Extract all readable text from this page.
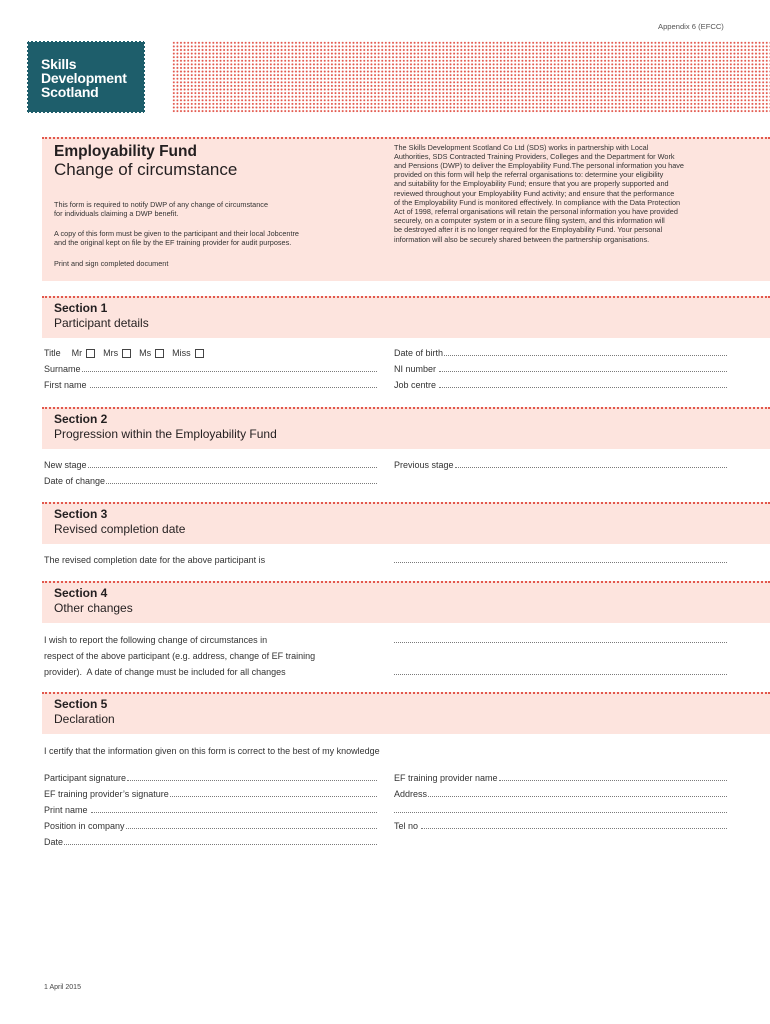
Appendix 6 (EFCC)
Skills
Development
Scotland
Employability Fund
Change of circumstance
This form is required to notify DWP of any change of circumstance
for individuals claiming a DWP benefit.
A copy of this form must be given to the participant and their local Jobcentre
and the original kept on file by the EF training provider for audit purposes.
Print and sign completed document
The Skills Development Scotland Co Ltd (SDS) works in partnership with Local
Authorities, SDS Contracted Training Providers, Colleges and the Department for Work
and Pensions (DWP) to deliver the Employability Fund.The personal information you have
provided on this form will help the referral organisations to: determine your eligibility
and suitability for the Employability Fund; ensure that you are properly supported and
reviewed throughout your Employability Fund activity; and ensure that the performance
of the Employability Fund is monitored effectively. In compliance with the Data Protection
Act of 1998, referral organisations will retain the personal information you have provided
securely, on a computer system or in a secure filing system, and this information will
be destroyed after it is no longer required for the Employability Fund. Your personal
information will also be securely shared between the partnership organisations.
Section 1
Participant details
Title Mr Mrs Ms Miss
Surname
First name
Date of birth
NI number
Job centre
Section 2
Progression within the Employability Fund
New stage
Date of change
Previous stage
Section 3
Revised completion date
The revised completion date for the above participant is
Section 4
Other changes
I wish to report the following change of circumstances in
respect of the above participant (e.g. address, change of EF training
provider).  A date of change must be included for all changes
Section 5
Declaration
I certify that the information given on this form is correct to the best of my knowledge
Participant signature
EF training provider’s signature
Print name
Position in company
Date
EF training provider name
Address
Tel no
1 April 2015
